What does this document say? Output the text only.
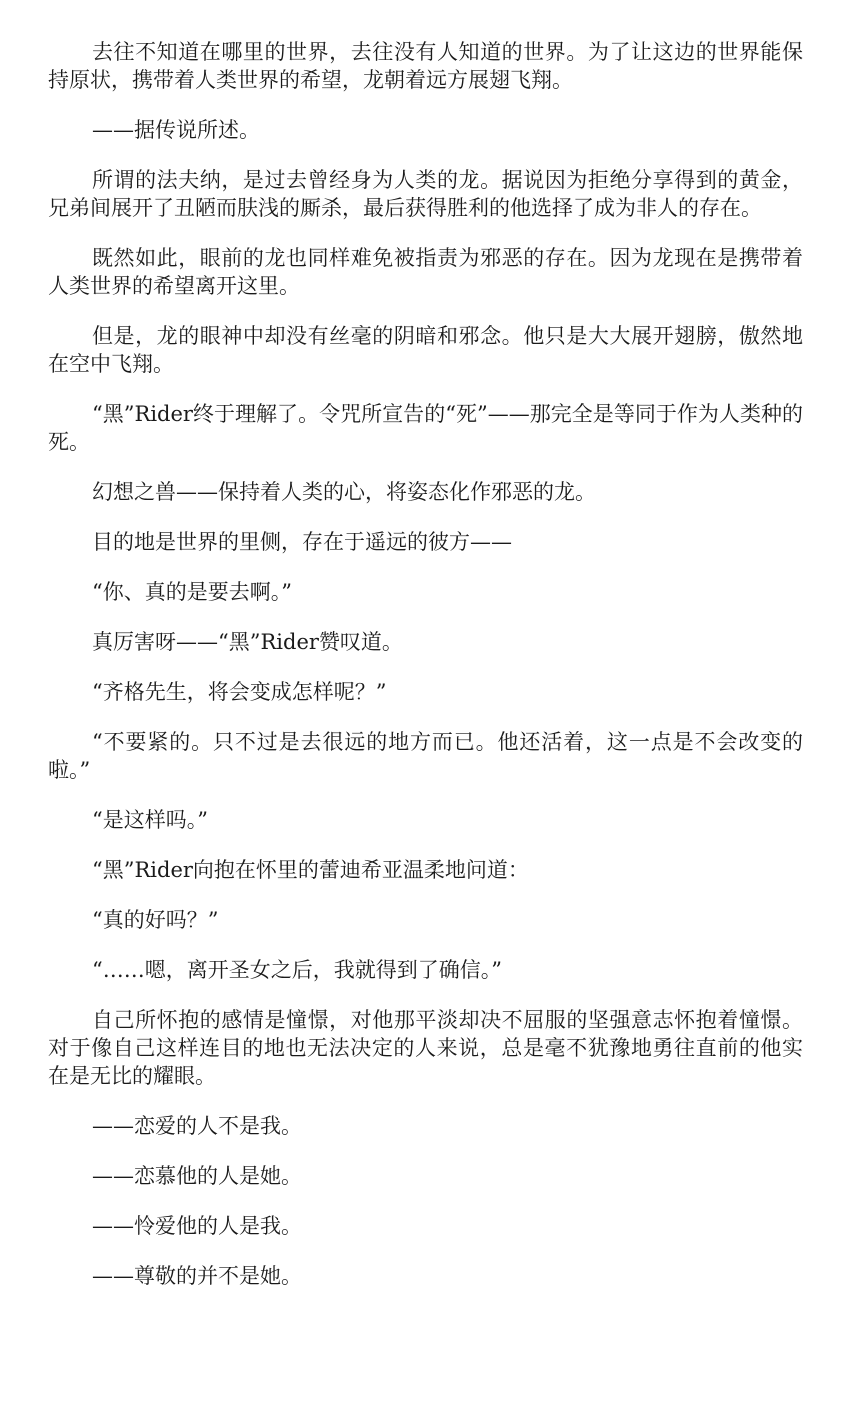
去往不知道在哪里的世界，去往没有人知道的世界。为了让这边的世界能保持原状，携带着人类世界的希望，龙朝着远方展翅飞翔。

——据传说所述。

所谓的法夫纳，是过去曾经身为人类的龙。据说因为拒绝分享得到的黄金，兄弟间展开了丑陋而肤浅的厮杀，最后获得胜利的他选择了成为非人的存在。

既然如此，眼前的龙也同样难免被指责为邪恶的存在。因为龙现在是携带着人类世界的希望离开这里。

但是，龙的眼神中却没有丝毫的阴暗和邪念。他只是大大展开翅膀，傲然地在空中飞翔。

“黑”Rider终于理解了。令咒所宣告的“死”——那完全是等同于作为人类种的死。

幻想之兽——保持着人类的心，将姿态化作邪恶的龙。

目的地是世界的里侧，存在于遥远的彼方——

“你、真的是要去啊。”

真厉害呀——“黑”Rider赞叹道。

“齐格先生，将会变成怎样呢？”

“不要紧的。只不过是去很远的地方而已。他还活着，这一点是不会改变的啦。”

“是这样吗。”

“黑”Rider向抱在怀里的蕾迪希亚温柔地问道：

“真的好吗？”

“……嗯，离开圣女之后，我就得到了确信。”

自己所怀抱的感情是憧憬，对他那平淡却决不屈服的坚强意志怀抱着憧憬。对于像自己这样连目的地也无法决定的人来说，总是毫不犹豫地勇往直前的他实在是无比的耀眼。

——恋爱的人不是我。

——恋慕他的人是她。

——怜爱他的人是我。

——尊敬的并不是她。
